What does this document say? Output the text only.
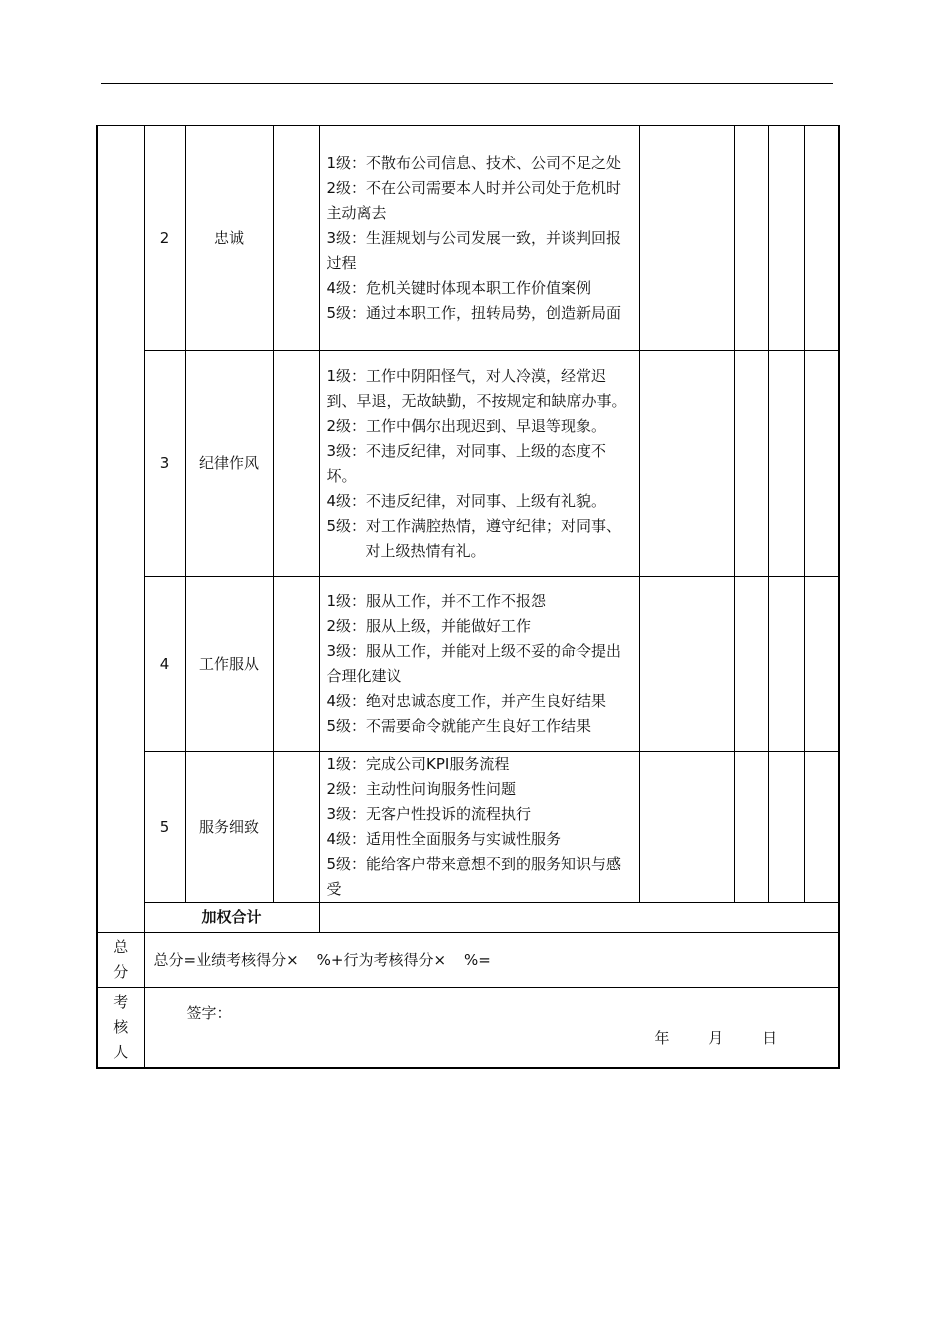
	2	忠诚		1级：不散布公司信息、技术、公司不足之处
2级：不在公司需要本人时并公司处于危机时主动离去
3级：生涯规划与公司发展一致，并谈判回报过程
4级：危机关键时体现本职工作价值案例
5级：通过本职工作，扭转局势，创造新局面				

	3	纪律作风		1级：工作中阴阳怪气，对人冷漠，经常迟到、早退，无故缺勤，不按规定和缺席办事。
2级：工作中偶尔出现迟到、早退等现象。
3级：不违反纪律，对同事、上级的态度不坏。
4级：不违反纪律，对同事、上级有礼貌。
5级：对工作满腔热情，遵守纪律；对同事、对上级热情有礼。				

	4	工作服从		1级：服从工作，并不工作不报怨
2级：服从上级，并能做好工作
3级：服从工作，并能对上级不妥的命令提出合理化建议
4级：绝对忠诚态度工作，并产生良好结果
5级：不需要命令就能产生良好工作结果				

	5	服务细致		1级：完成公司KPI服务流程
2级：主动性问询服务性问题
3级：无客户性投诉的流程执行
4级：适用性全面服务与实诚性服务
5级：能给客户带来意想不到的服务知识与感受				

	加权合计							

总
分	总分=业绩考核得分× %+行为考核得分× %=							

考
核
人	签字：
年 月 日							
